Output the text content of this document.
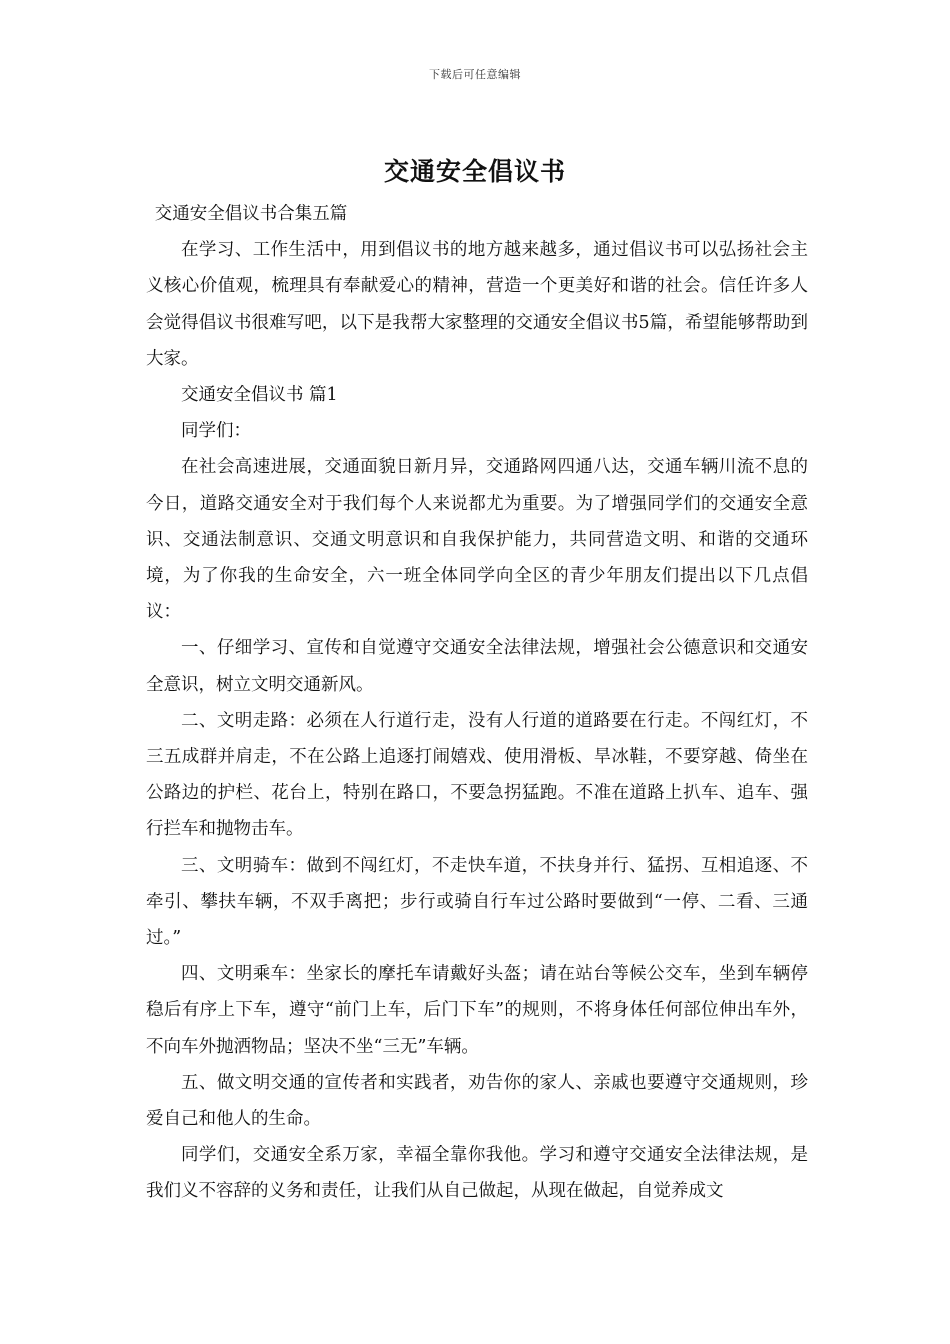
下载后可任意编辑
交通安全倡议书

交通安全倡议书合集五篇

在学习、工作生活中，用到倡议书的地方越来越多，通过倡议书可以弘扬社会主义核心价值观，梳理具有奉献爱心的精神，营造一个更美好和谐的社会。信任许多人会觉得倡议书很难写吧，以下是我帮大家整理的交通安全倡议书5篇，希望能够帮助到大家。

交通安全倡议书 篇1

同学们：

在社会高速进展，交通面貌日新月异，交通路网四通八达，交通车辆川流不息的今日，道路交通安全对于我们每个人来说都尤为重要。为了增强同学们的交通安全意识、交通法制意识、交通文明意识和自我保护能力，共同营造文明、和谐的交通环境，为了你我的生命安全，六一班全体同学向全区的青少年朋友们提出以下几点倡议：

一、仔细学习、宣传和自觉遵守交通安全法律法规，增强社会公德意识和交通安全意识，树立文明交通新风。

二、文明走路：必须在人行道行走，没有人行道的道路要在行走。不闯红灯，不三五成群并肩走，不在公路上追逐打闹嬉戏、使用滑板、旱冰鞋，不要穿越、倚坐在公路边的护栏、花台上，特别在路口，不要急拐猛跑。不准在道路上扒车、追车、强行拦车和抛物击车。

三、文明骑车：做到不闯红灯，不走快车道，不扶身并行、猛拐、互相追逐、不牵引、攀扶车辆，不双手离把；步行或骑自行车过公路时要做到“一停、二看、三通过。”

四、文明乘车：坐家长的摩托车请戴好头盔；请在站台等候公交车，坐到车辆停稳后有序上下车，遵守“前门上车，后门下车”的规则，不将身体任何部位伸出车外，不向车外抛洒物品；坚决不坐“三无”车辆。

五、做文明交通的宣传者和实践者，劝告你的家人、亲戚也要遵守交通规则，珍爱自己和他人的生命。

同学们，交通安全系万家，幸福全靠你我他。学习和遵守交通安全法律法规，是我们义不容辞的义务和责任，让我们从自己做起，从现在做起，自觉养成文
